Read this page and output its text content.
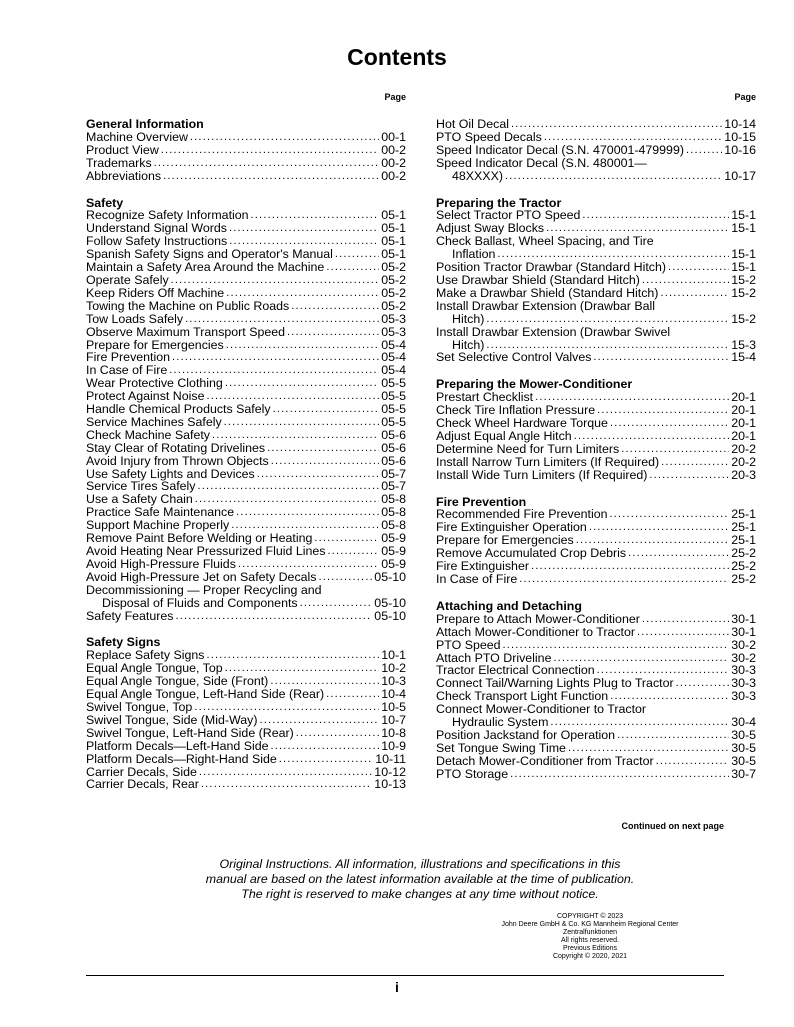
Contents
Page
General Information
Machine Overview .....	00-1
Product View .....	00-2
Trademarks .....	00-2
Abbreviations .....	00-2
Safety
Recognize Safety Information .....	05-1
Understand Signal Words .....	05-1
Follow Safety Instructions .....	05-1
Spanish Safety Signs and Operator's Manual .....	05-1
Maintain a Safety Area Around the Machine .....	05-2
Operate Safely .....	05-2
Keep Riders Off Machine .....	05-2
Towing the Machine on Public Roads .....	05-2
Tow Loads Safely .....	05-3
Observe Maximum Transport Speed .....	05-3
Prepare for Emergencies .....	05-4
Fire Prevention .....	05-4
In Case of Fire .....	05-4
Wear Protective Clothing .....	05-5
Protect Against Noise .....	05-5
Handle Chemical Products Safely .....	05-5
Service Machines Safely .....	05-5
Check Machine Safety .....	05-6
Stay Clear of Rotating Drivelines .....	05-6
Avoid Injury from Thrown Objects .....	05-6
Use Safety Lights and Devices .....	05-7
Service Tires Safely .....	05-7
Use a Safety Chain .....	05-8
Practice Safe Maintenance .....	05-8
Support Machine Properly .....	05-8
Remove Paint Before Welding or Heating .....	05-9
Avoid Heating Near Pressurized Fluid Lines .....	05-9
Avoid High-Pressure Fluids .....	05-9
Avoid High-Pressure Jet on Safety Decals .....	05-10
Decommissioning — Proper Recycling and
Disposal of Fluids and Components .....	05-10
Safety Features .....	05-10
Safety Signs
Replace Safety Signs .....	10-1
Equal Angle Tongue, Top .....	10-2
Equal Angle Tongue, Side (Front) .....	10-3
Equal Angle Tongue, Left-Hand Side (Rear) .....	10-4
Swivel Tongue, Top .....	10-5
Swivel Tongue, Side (Mid-Way) .....	10-7
Swivel Tongue, Left-Hand Side (Rear) .....	10-8
Platform Decals—Left-Hand Side .....	10-9
Platform Decals—Right-Hand Side .....	10-11
Carrier Decals, Side .....	10-12
Carrier Decals, Rear .....	10-13
Page
Hot Oil Decal .....	10-14
PTO Speed Decals .....	10-15
Speed Indicator Decal (S.N. 470001-479999) .....	10-16
Speed Indicator Decal (S.N. 480001—
48XXXX) .....	10-17
Preparing the Tractor
Select Tractor PTO Speed .....	15-1
Adjust Sway Blocks .....	15-1
Check Ballast, Wheel Spacing, and Tire
Inflation .....	15-1
Position Tractor Drawbar (Standard Hitch) .....	15-1
Use Drawbar Shield (Standard Hitch) .....	15-2
Make a Drawbar Shield (Standard Hitch) .....	15-2
Install Drawbar Extension (Drawbar Ball
Hitch) .....	15-2
Install Drawbar Extension (Drawbar Swivel
Hitch) .....	15-3
Set Selective Control Valves .....	15-4
Preparing the Mower-Conditioner
Prestart Checklist .....	20-1
Check Tire Inflation Pressure .....	20-1
Check Wheel Hardware Torque .....	20-1
Adjust Equal Angle Hitch .....	20-1
Determine Need for Turn Limiters .....	20-2
Install Narrow Turn Limiters (If Required) .....	20-2
Install Wide Turn Limiters (If Required) .....	20-3
Fire Prevention
Recommended Fire Prevention .....	25-1
Fire Extinguisher Operation .....	25-1
Prepare for Emergencies .....	25-1
Remove Accumulated Crop Debris .....	25-2
Fire Extinguisher .....	25-2
In Case of Fire .....	25-2
Attaching and Detaching
Prepare to Attach Mower-Conditioner .....	30-1
Attach Mower-Conditioner to Tractor .....	30-1
PTO Speed .....	30-2
Attach PTO Driveline .....	30-2
Tractor Electrical Connection .....	30-3
Connect Tail/Warning Lights Plug to Tractor .....	30-3
Check Transport Light Function .....	30-3
Connect Mower-Conditioner to Tractor
Hydraulic System .....	30-4
Position Jackstand for Operation .....	30-5
Set Tongue Swing Time .....	30-5
Detach Mower-Conditioner from Tractor .....	30-5
PTO Storage .....	30-7
Continued on next page
Original Instructions. All information, illustrations and specifications in this
manual are based on the latest information available at the time of publication.
The right is reserved to make changes at any time without notice.
COPYRIGHT © 2023
John Deere GmbH & Co. KG Mannheim Regional Center
Zentralfunktionen
All rights reserved.
Previous Editions
Copyright © 2020, 2021
i
